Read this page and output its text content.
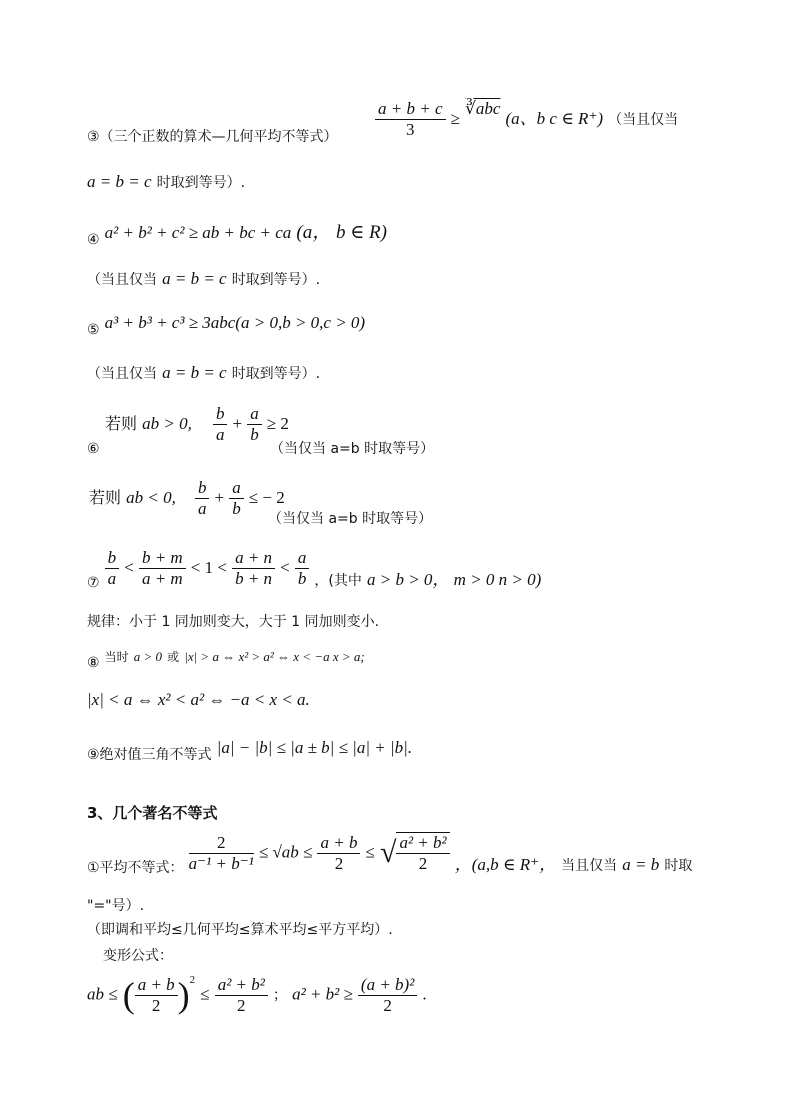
③（三个正数的算术—几何平均不等式） $\frac{a + b + c}{3}$ ≥ ∛abc (a、b c ∈ R⁺) （当且仅当
a = b = c 时取到等号）.
④ a² + b² + c² ≥ ab + bc + ca (a， b ∈ R)
（当且仅当 a = b = c 时取到等号）.
⑤ a³ + b³ + c³ ≥ 3abc(a > 0,b > 0,c > 0)
（当且仅当 a = b = c 时取到等号）.
⑥
若则 ab > 0, $\frac{b}{a} + \frac{a}{b} \ge 2$
（当仅当 a=b 时取等号）
若则 ab < 0, $\frac{b}{a} + \frac{a}{b}$ ≤ − 2
（当仅当 a=b 时取等号）
⑦ $\frac{b}{a} < \frac{b + m}{a + m} < 1 < \frac{a + n}{b + n} < \frac{a}{b}$ ，(其中 a > b > 0， m > 0 n > 0)
规律：小于 1 同加则变大，大于 1 同加则变小.
⑧ 当时 a > 0 或 |x| > a ⇔ x² > a² ⇔ x < −a x > a;
|x| < a ⇔ x² < a² ⇔ −a < x < a.
⑨绝对值三角不等式 |a| − |b| ≤ |a ± b| ≤ |a| + |b|.
3、几个著名不等式
①平均不等式： $\frac{2}{\text{a⁻¹ + b⁻¹}} \le √ab \le \frac{a + b}{2}$ ≤ √ $\frac{\text{a² + b²}}{2}$ ，(a,b ∈ R⁺， 当且仅当 a = b 时取
"="号）.
（即调和平均≤几何平均≤算术平均≤平方平均）.
变形公式：
ab ≤ ( $\frac{a + b}{2} )^2 \le \frac{\text{a² + b²}}{2}$ ； $a^2 + b^2 \ge \frac{\text{(a + b)²}}{2}$ .
